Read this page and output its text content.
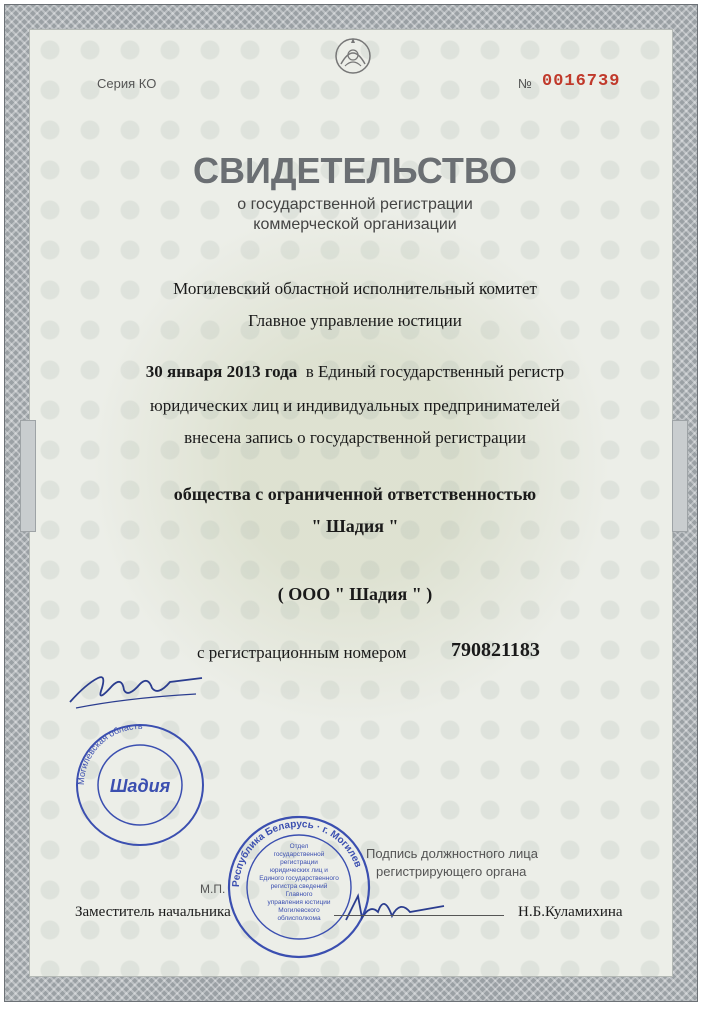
Серия КО	№ 0016739
СВИДЕТЕЛЬСТВО
о государственной регистрации
коммерческой организации
Могилевский областной исполнительный комитет
Главное управление юстиции
30 января 2013 года в Единый государственный регистр
юридических лиц и индивидуальных предпринимателей
внесена запись о государственной регистрации
общества с ограниченной ответственностью
" Шадия "
( ООО " Шадия " )
с регистрационным номером 790821183
Могилевская область
Шадия
Республика Беларусь · г. Могилев
Отдел
государственной
регистрации
юридических лиц и
Единого государственного
регистра сведений
Главного
управления юстиции
Могилевского
облисполкома
Подпись должностного лица
регистрирующего органа
М.П.
Заместитель начальника	Н.Б.Куламихина
